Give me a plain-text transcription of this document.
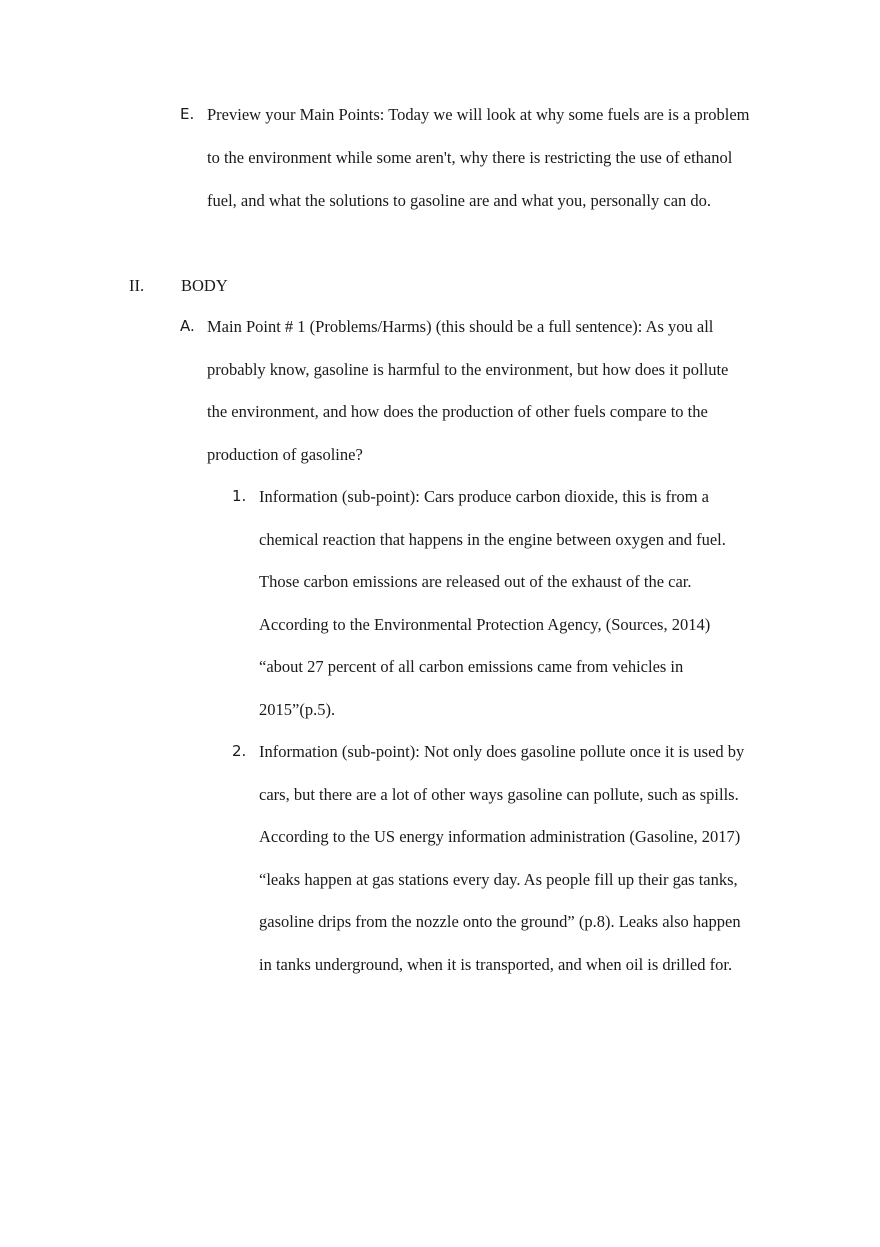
E. Preview your Main Points: Today we will look at why some fuels are is a problem
to the environment while some aren't, why there is restricting the use of ethanol
fuel, and what the solutions to gasoline are and what you, personally can do.
II. BODY
A. Main Point # 1 (Problems/Harms) (this should be a full sentence): As you all
probably know, gasoline is harmful to the environment, but how does it pollute
the environment, and how does the production of other fuels compare to the
production of gasoline?
1. Information (sub-point): Cars produce carbon dioxide, this is from a
chemical reaction that happens in the engine between oxygen and fuel.
Those carbon emissions are released out of the exhaust of the car.
According to the Environmental Protection Agency, (Sources, 2014)
“about 27 percent of all carbon emissions came from vehicles in
2015”(p.5).
2. Information (sub-point): Not only does gasoline pollute once it is used by
cars, but there are a lot of other ways gasoline can pollute, such as spills.
According to the US energy information administration (Gasoline, 2017)
“leaks happen at gas stations every day. As people fill up their gas tanks,
gasoline drips from the nozzle onto the ground” (p.8). Leaks also happen
in tanks underground, when it is transported, and when oil is drilled for.
